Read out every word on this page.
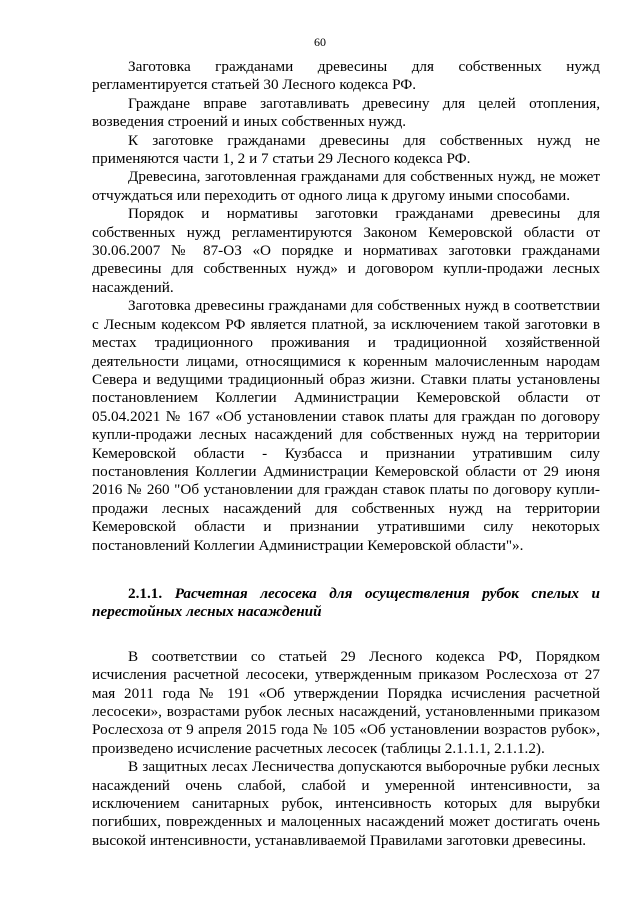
60

Заготовка гражданами древесины для собственных нужд регламентируется статьей 30 Лесного кодекса РФ.

Граждане вправе заготавливать древесину для целей отопления, возведения строений и иных собственных нужд.

К заготовке гражданами древесины для собственных нужд не применяются части 1, 2 и 7 статьи 29 Лесного кодекса РФ.

Древесина, заготовленная гражданами для собственных нужд, не может отчуждаться или переходить от одного лица к другому иными способами.

Порядок и нормативы заготовки гражданами древесины для собственных нужд регламентируются Законом Кемеровской области от 30.06.2007 № 87-ОЗ «О порядке и нормативах заготовки гражданами древесины для собственных нужд» и договором купли-продажи лесных насаждений.

Заготовка древесины гражданами для собственных нужд в соответствии с Лесным кодексом РФ является платной, за исключением такой заготовки в местах традиционного проживания и традиционной хозяйственной деятельности лицами, относящимися к коренным малочисленным народам Севера и ведущими традиционный образ жизни. Ставки платы установлены постановлением Коллегии Администрации Кемеровской области от 05.04.2021 № 167 «Об установлении ставок платы для граждан по договору купли-продажи лесных насаждений для собственных нужд на территории Кемеровской области - Кузбасса и признании утратившим силу постановления Коллегии Администрации Кемеровской области от 29 июня 2016 № 260 "Об установлении для граждан ставок платы по договору купли-продажи лесных насаждений для собственных нужд на территории Кемеровской области и признании утратившими силу некоторых постановлений Коллегии Администрации Кемеровской области"».

2.1.1. Расчетная лесосека для осуществления рубок спелых и перестойных лесных насаждений

В соответствии со статьей 29 Лесного кодекса РФ, Порядком исчисления расчетной лесосеки, утвержденным приказом Рослесхоза от 27 мая 2011 года № 191 «Об утверждении Порядка исчисления расчетной лесосеки», возрастами рубок лесных насаждений, установленными приказом Рослесхоза от 9 апреля 2015 года № 105 «Об установлении возрастов рубок», произведено исчисление расчетных лесосек (таблицы 2.1.1.1, 2.1.1.2).

В защитных лесах Лесничества допускаются выборочные рубки лесных насаждений очень слабой, слабой и умеренной интенсивности, за исключением санитарных рубок, интенсивность которых для вырубки погибших, поврежденных и малоценных насаждений может достигать очень высокой интенсивности, устанавливаемой Правилами заготовки древесины.
